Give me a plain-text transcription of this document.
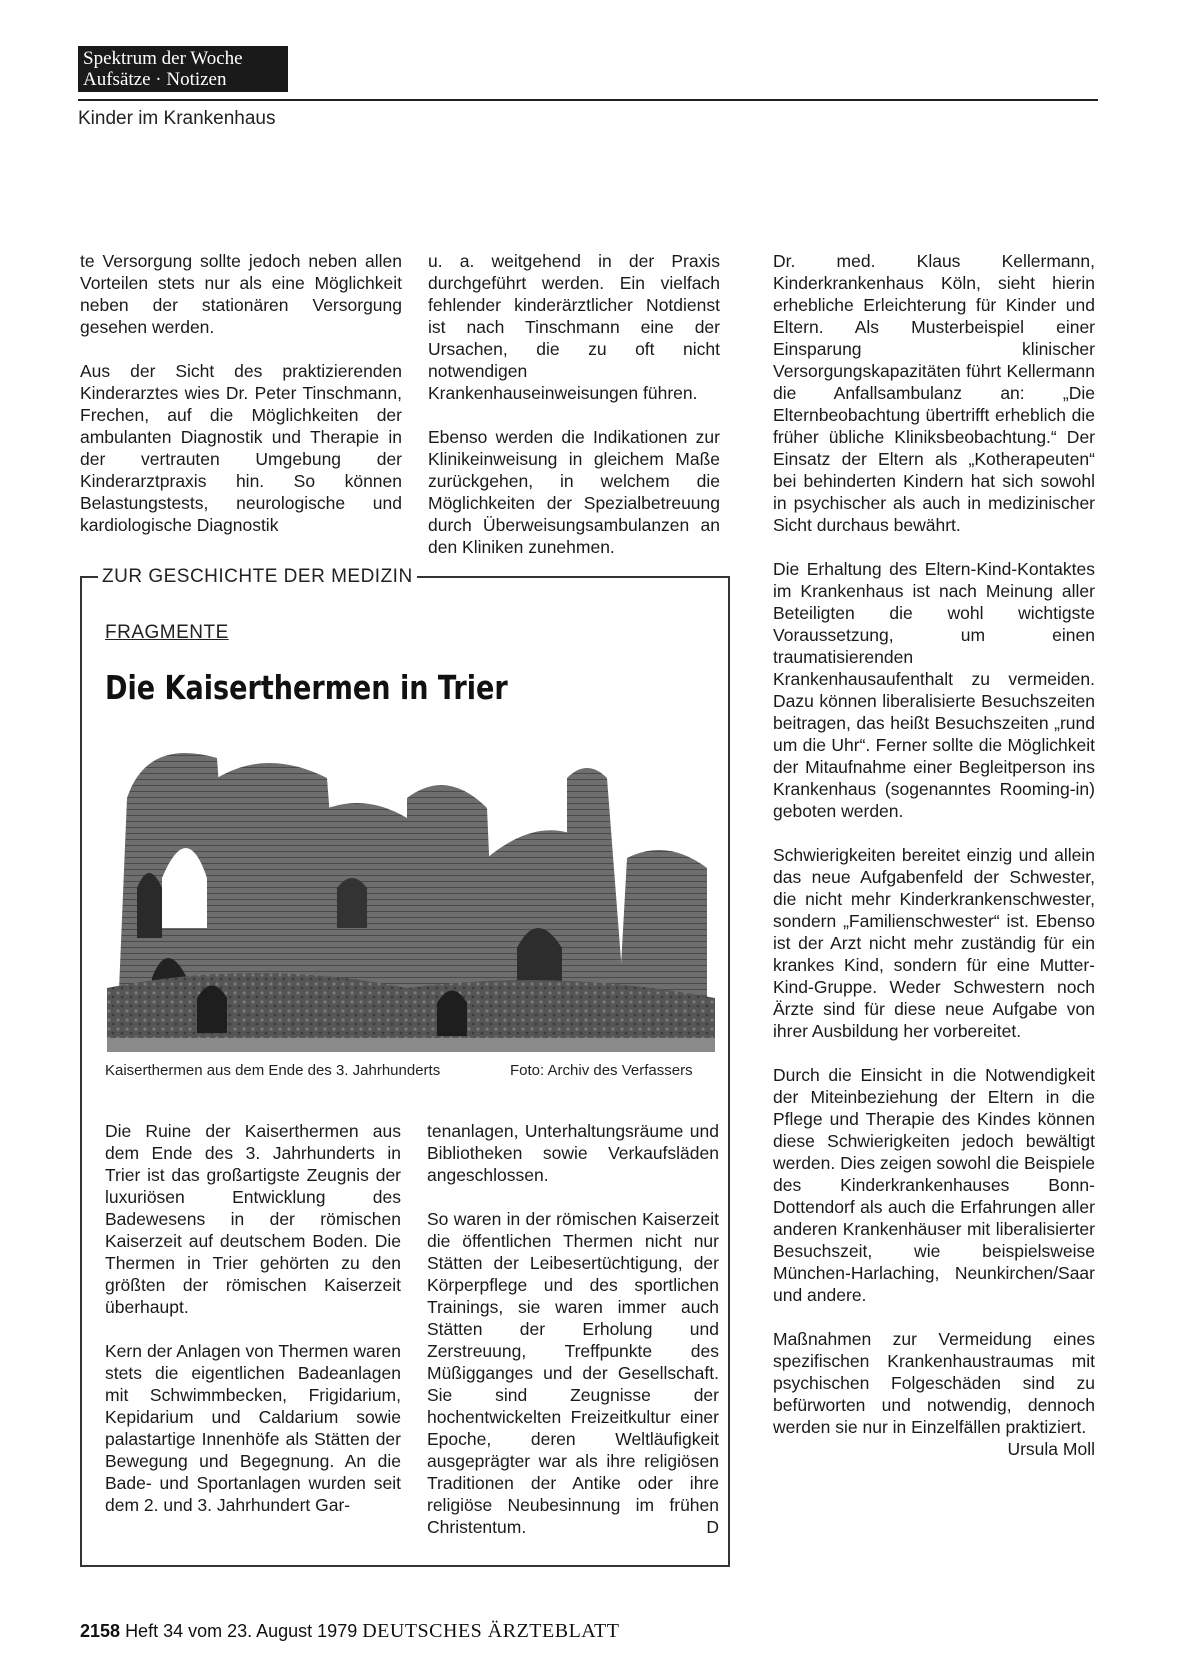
Spektrum der Woche
Aufsätze · Notizen
Kinder im Krankenhaus

te Versorgung sollte jedoch neben allen Vorteilen stets nur als eine Möglichkeit neben der stationären Versorgung gesehen werden.

Aus der Sicht des praktizierenden Kinderarztes wies Dr. Peter Tinschmann, Frechen, auf die Möglichkeiten der ambulanten Diagnostik und Therapie in der vertrauten Umgebung der Kinderarztpraxis hin. So können Belastungstests, neurologische und kardiologische Diagnostik

u. a. weitgehend in der Praxis durchgeführt werden. Ein vielfach fehlender kinderärztlicher Notdienst ist nach Tinschmann eine der Ursachen, die zu oft nicht notwendigen Krankenhauseinweisungen führen.

Ebenso werden die Indikationen zur Klinikeinweisung in gleichem Maße zurückgehen, in welchem die Möglichkeiten der Spezialbetreuung durch Überweisungsambulanzen an den Kliniken zunehmen.

Dr. med. Klaus Kellermann, Kinderkrankenhaus Köln, sieht hierin erhebliche Erleichterung für Kinder und Eltern. Als Musterbeispiel einer Einsparung klinischer Versorgungskapazitäten führt Kellermann die Anfallsambulanz an: „Die Elternbeobachtung übertrifft erheblich die früher übliche Kliniksbeobachtung.“ Der Einsatz der Eltern als „Kotherapeuten“ bei behinderten Kindern hat sich sowohl in psychischer als auch in medizinischer Sicht durchaus bewährt.

Die Erhaltung des Eltern-Kind-Kontaktes im Krankenhaus ist nach Meinung aller Beteiligten die wohl wichtigste Voraussetzung, um einen traumatisierenden Krankenhausaufenthalt zu vermeiden. Dazu können liberalisierte Besuchszeiten beitragen, das heißt Besuchszeiten „rund um die Uhr“. Ferner sollte die Möglichkeit der Mitaufnahme einer Begleitperson ins Krankenhaus (sogenanntes Rooming-in) geboten werden.

Schwierigkeiten bereitet einzig und allein das neue Aufgabenfeld der Schwester, die nicht mehr Kinderkrankenschwester, sondern „Familienschwester“ ist. Ebenso ist der Arzt nicht mehr zuständig für ein krankes Kind, sondern für eine Mutter-Kind-Gruppe. Weder Schwestern noch Ärzte sind für diese neue Aufgabe von ihrer Ausbildung her vorbereitet.

Durch die Einsicht in die Notwendigkeit der Miteinbeziehung der Eltern in die Pflege und Therapie des Kindes können diese Schwierigkeiten jedoch bewältigt werden. Dies zeigen sowohl die Beispiele des Kinderkrankenhauses Bonn-Dottendorf als auch die Erfahrungen aller anderen Krankenhäuser mit liberalisierter Besuchszeit, wie beispielsweise München-Harlaching, Neunkirchen/Saar und andere.

Maßnahmen zur Vermeidung eines spezifischen Krankenhaustraumas mit psychischen Folgeschäden sind zu befürworten und notwendig, dennoch werden sie nur in Einzelfällen praktiziert.
Ursula Moll

ZUR GESCHICHTE DER MEDIZIN
FRAGMENTE
Die Kaiserthermen in Trier
Kaiserthermen aus dem Ende des 3. Jahrhunderts	Foto: Archiv des Verfassers

Die Ruine der Kaiserthermen aus dem Ende des 3. Jahrhunderts in Trier ist das großartigste Zeugnis der luxuriösen Entwicklung des Badewesens in der römischen Kaiserzeit auf deutschem Boden. Die Thermen in Trier gehörten zu den größten der römischen Kaiserzeit überhaupt.

Kern der Anlagen von Thermen waren stets die eigentlichen Badeanlagen mit Schwimmbecken, Frigidarium, Kepidarium und Caldarium sowie palastartige Innenhöfe als Stätten der Bewegung und Begegnung. An die Bade- und Sportanlagen wurden seit dem 2. und 3. Jahrhundert Gar-

tenanlagen, Unterhaltungsräume und Bibliotheken sowie Verkaufsläden angeschlossen.

So waren in der römischen Kaiserzeit die öffentlichen Thermen nicht nur Stätten der Leibesertüchtigung, der Körperpflege und des sportlichen Trainings, sie waren immer auch Stätten der Erholung und Zerstreuung, Treffpunkte des Müßigganges und der Gesellschaft. Sie sind Zeugnisse der hochentwickelten Freizeitkultur einer Epoche, deren Weltläufigkeit ausgeprägter war als ihre religiösen Traditionen der Antike oder ihre religiöse Neubesinnung im frühen Christentum.	D

2158 Heft 34 vom 23. August 1979 DEUTSCHES ÄRZTEBLATT
